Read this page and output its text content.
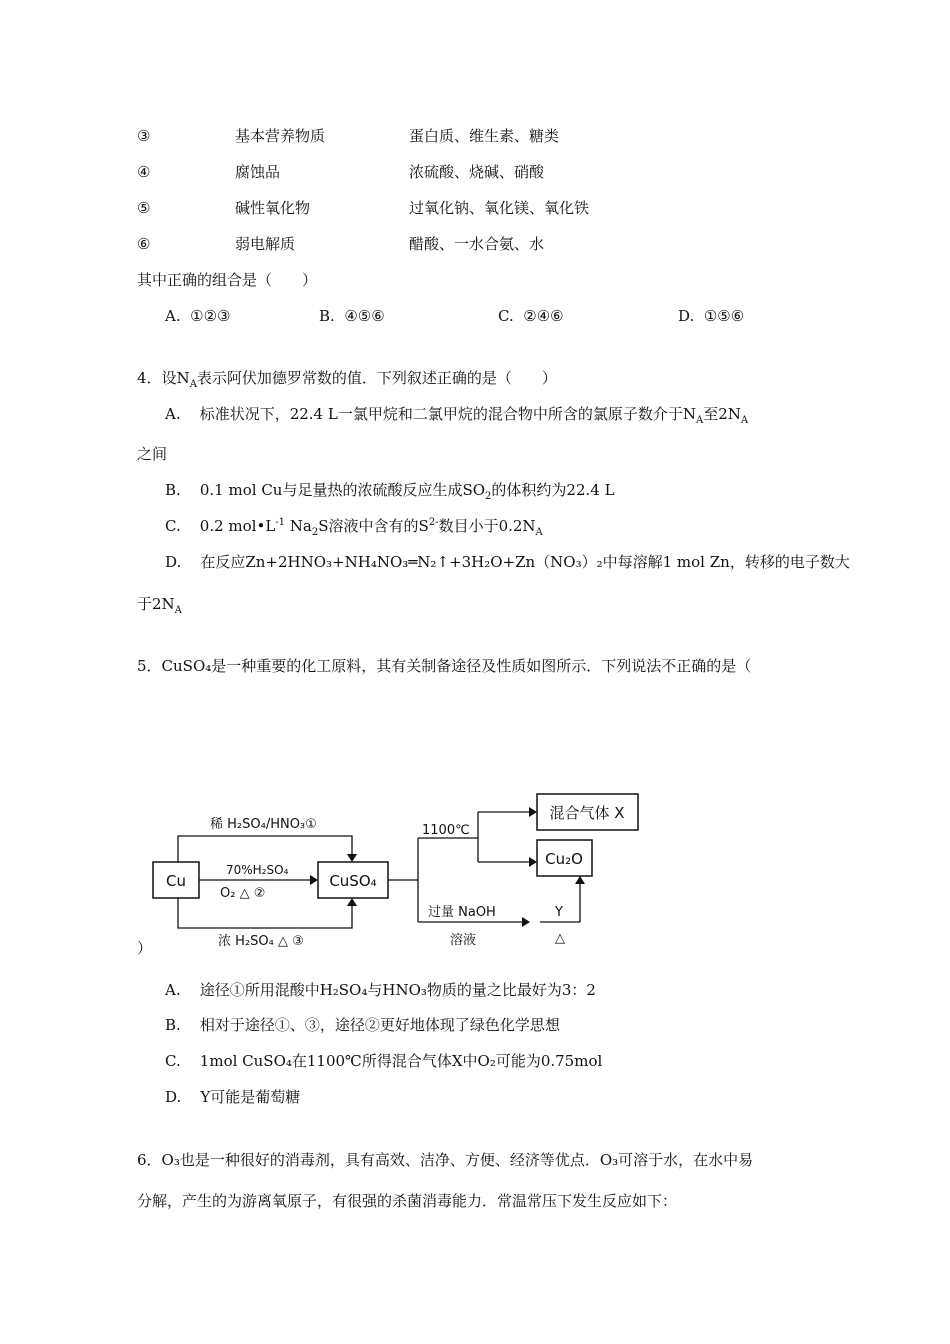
③	基本营养物质	蛋白质、维生素、糖类
④	腐蚀品	浓硫酸、烧碱、硝酸
⑤	碱性氧化物	过氧化钠、氧化镁、氧化铁
⑥	弱电解质	醋酸、一水合氨、水
其中正确的组合是（　　）
A. ①②③	B. ④⑤⑥	C. ②④⑥	D. ①⑤⑥
4．设$N_A$表示阿伏加德罗常数的值．下列叙述正确的是（　　）
A. 标准状况下，22.4 L一氯甲烷和二氯甲烷的混合物中所含的氯原子数介于$N_A$至$2N_A$
之间
B. 0.1 mol Cu与足量热的浓硫酸反应生成$SO_2$的体积约为22.4 L
C. 0.2 $mol•L^{-1}$ $Na_2S$溶液中含有的$S^{2-}$数目小于$0.2N_A$
D. 在反应Zn+2HNO₃+NH₄NO₃═N₂↑+3H₂O+Zn（NO₃）₂中每溶解1 mol Zn，转移的电子数大
于$2N_A$
5．CuSO₄是一种重要的化工原料，其有关制备途径及性质如图所示．下列说法不正确的是（
Cu	CuSO₄
混合气体 X
Cu₂O
稀 H₂SO₄/HNO₃①
70%H₂SO₄
O₂ △ ②
浓 H₂SO₄ △ ③
1100℃
过量 NaOH
溶液
Y
△
）
A. 途径①所用混酸中H₂SO₄与HNO₃物质的量之比最好为3：2
B. 相对于途径①、③，途径②更好地体现了绿色化学思想
C. 1mol CuSO₄在1100℃所得混合气体X中O₂可能为0.75mol
D. Y可能是葡萄糖
6．O₃也是一种很好的消毒剂，具有高效、洁净、方便、经济等优点．O₃可溶于水，在水中易
分解，产生的为游离氧原子，有很强的杀菌消毒能力．常温常压下发生反应如下：
